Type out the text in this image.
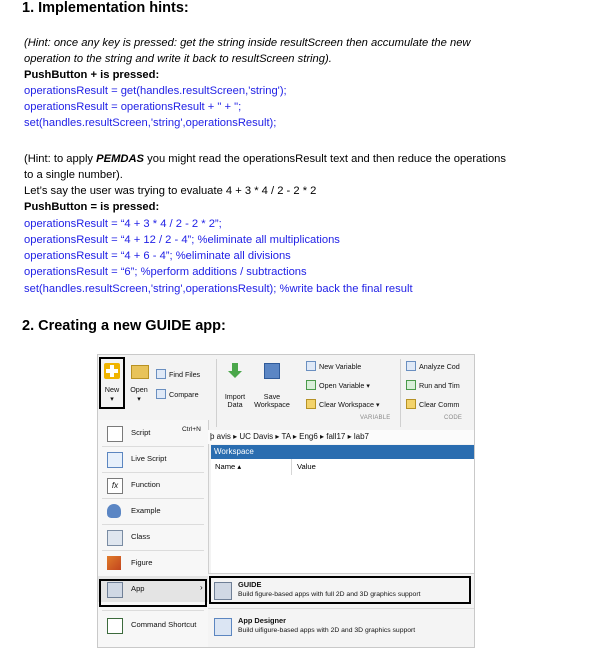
1. Implementation hints:
(Hint: once any key is pressed: get the string inside resultScreen then accumulate the new
operation to the string and write it back to resultScreen string).
PushButton + is pressed:
operationsResult = get(handles.resultScreen,'string');
operationsResult = operationsResult + " + ";
set(handles.resultScreen,'string',operationsResult);
(Hint: to apply PEMDAS you might read the operationsResult text and then reduce the operations
to a single number).
Let’s say the user was trying to evaluate 4 + 3 * 4 / 2 - 2 * 2
PushButton = is pressed:
operationsResult = “4 + 3 * 4 / 2 - 2 * 2”;
operationsResult = “4 + 12 / 2 - 4”; %eliminate all multiplications
operationsResult = “4 + 6 - 4”; %eliminate all divisions
operationsResult = “6”; %perform additions / subtractions
set(handles.resultScreen,'string',operationsResult); %write back the final result
2. Creating a new GUIDE app:
New
▾
Open
▾
Find Files
Compare	Import
Data
Save
Workspace
New Variable
Open Variable ▾
Clear Workspace ▾
VARIABLE
Analyze Cod
Run and Tim
Clear Comm
CODE
Script	Ctrl+N
Live Script
fx	Function
Example
Class
Figure
App	›
Command Shortcut
þ avis ▸ UC Davis ▸ TA ▸ Eng6 ▸ fall17 ▸ lab7
Workspace
Name ▴	Value
GUIDE
Build figure-based apps with full 2D and 3D graphics support
App Designer
Build uifigure-based apps with 2D and 3D graphics support
